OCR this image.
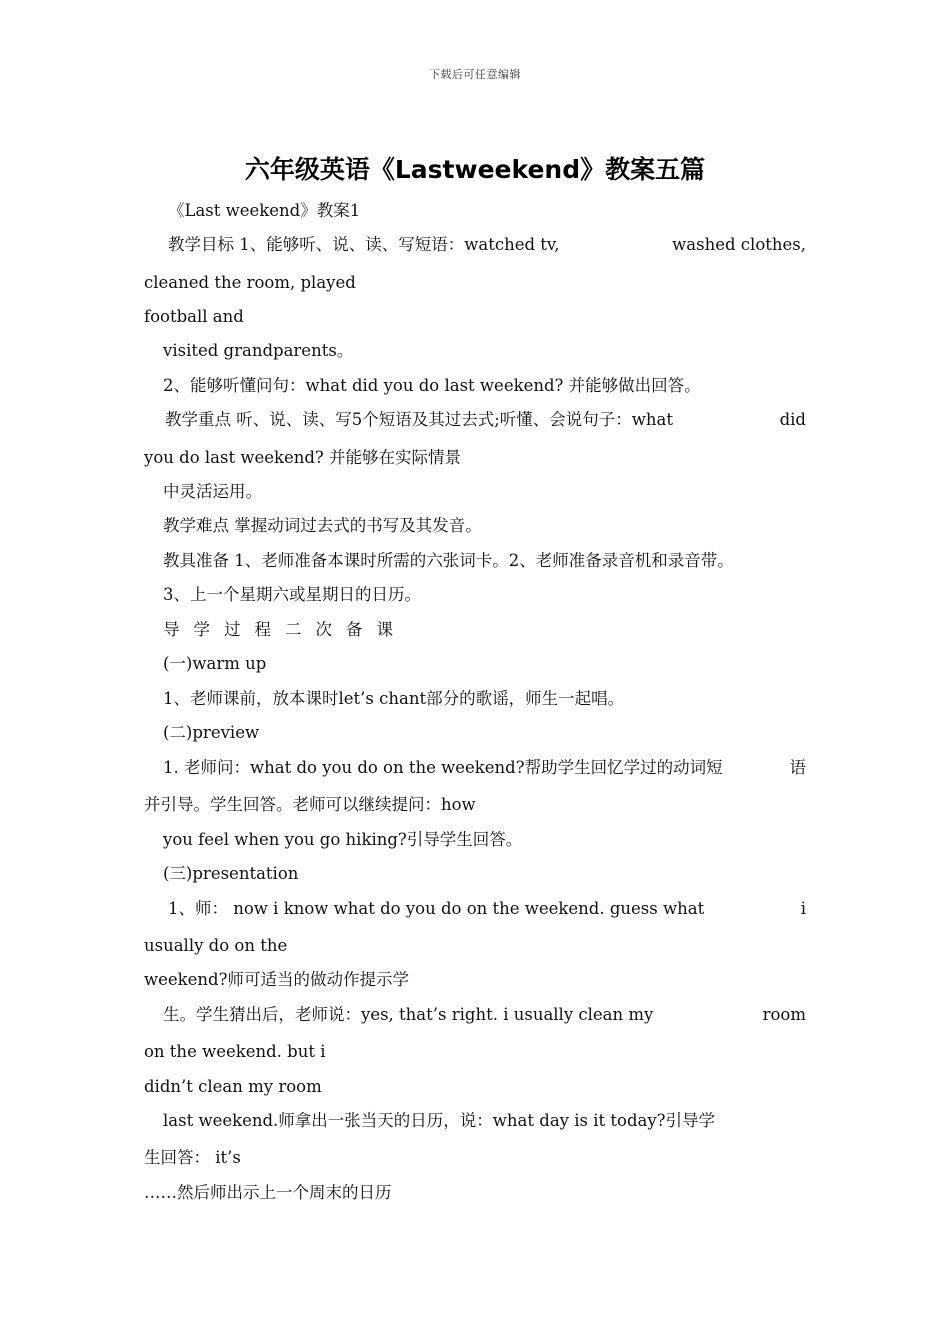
下载后可任意编辑
六年级英语《Lastweekend》教案五篇
《Last weekend》教案1
教学目标 1、能够听、说、读、写短语：watched tv,	washed clothes,
cleaned the room, played
football and
visited grandparents。
2、能够听懂问句：what did you do last weekend? 并能够做出回答。
教学重点 听、说、读、写5个短语及其过去式;听懂、会说句子：what	did
you do last weekend? 并能够在实际情景
中灵活运用。
教学难点 掌握动词过去式的书写及其发音。
教具准备 1、老师准备本课时所需的六张词卡。2、老师准备录音机和录音带。
3、上一个星期六或星期日的日历。
导学过程二次备课
(一)warm up
1、老师课前，放本课时let’s chant部分的歌谣，师生一起唱。
(二)preview
1. 老师问：what do you do on the weekend?帮助学生回忆学过的动词短	语
并引导。学生回答。老师可以继续提问：how
you feel when you go hiking?引导学生回答。
(三)presentation
1、师： now i know what do you do on the weekend. guess what	i
usually do on the
weekend?师可适当的做动作提示学
生。学生猜出后，老师说：yes, that’s right. i usually clean my	room
on the weekend. but i
didn’t clean my room
last weekend.师拿出一张当天的日历，说：what day is it today?引导学
生回答： it’s
……然后师出示上一个周末的日历
